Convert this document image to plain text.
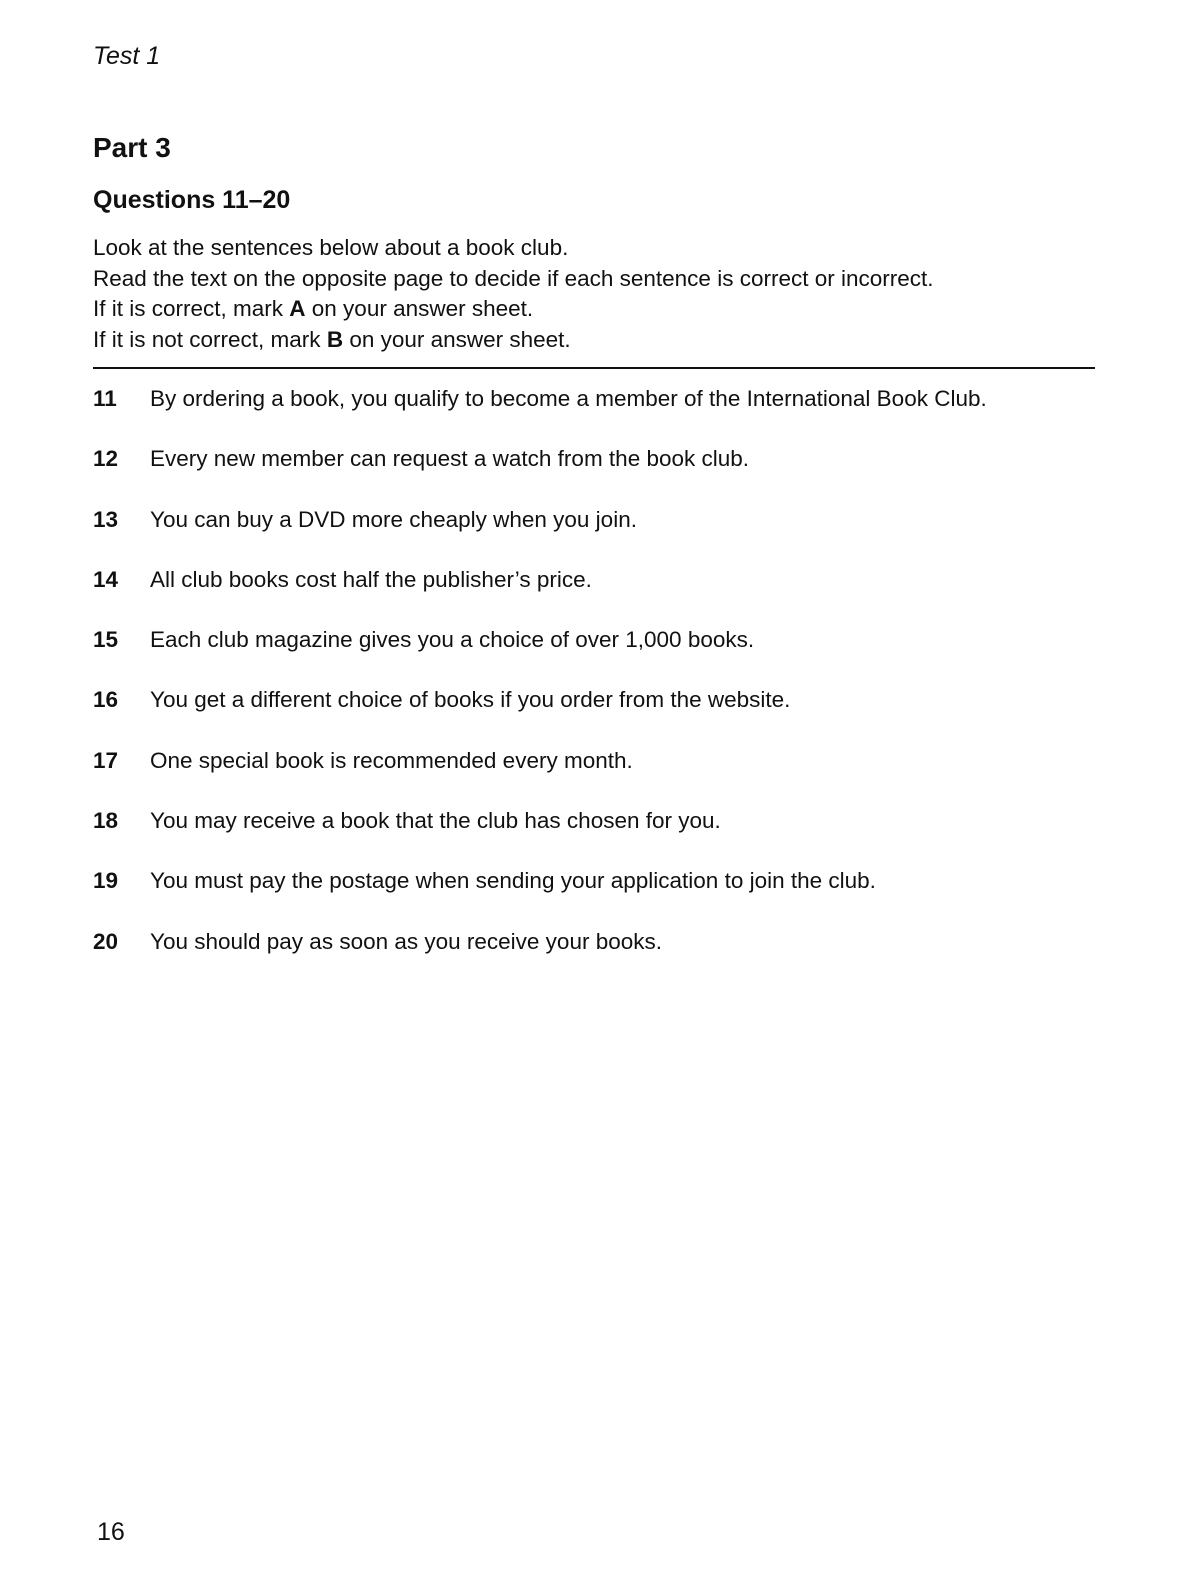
Test 1
Part 3
Questions 11–20

Look at the sentences below about a book club.

Read the text on the opposite page to decide if each sentence is correct or incorrect.

If it is correct, mark A on your answer sheet.

If it is not correct, mark B on your answer sheet.

11	By ordering a book, you qualify to become a member of the International Book Club.
12	Every new member can request a watch from the book club.
13	You can buy a DVD more cheaply when you join.
14	All club books cost half the publisher’s price.
15	Each club magazine gives you a choice of over 1,000 books.
16	You get a different choice of books if you order from the website.
17	One special book is recommended every month.
18	You may receive a book that the club has chosen for you.
19	You must pay the postage when sending your application to join the club.
20	You should pay as soon as you receive your books.
16
